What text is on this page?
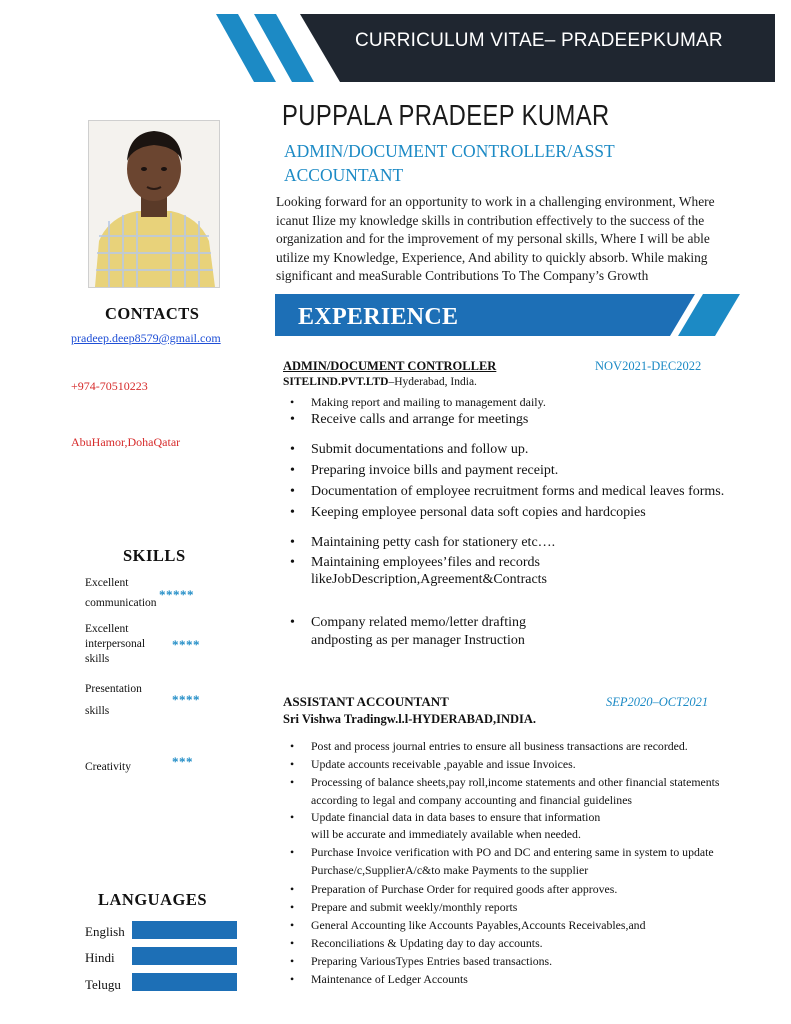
CURRICULUM VITAE– PRADEEPKUMAR
PUPPALA PRADEEP KUMAR
ADMIN/DOCUMENT CONTROLLER/ASST ACCOUNTANT
Looking forward for an opportunity to work in a challenging environment, Where icanut Ilize my knowledge skills in contribution effectively to the success of the organization and for the improvement of my personal skills, Where I will be able utilize my Knowledge, Experience, And ability to quickly absorb. While making significant and meaSurable Contributions To The Company’s Growth
CONTACTS
pradeep.deep8579@gmail.com
+974-70510223
AbuHamor,DohaQatar
SKILLS
Excellent communication
*****
Excellent interpersonal skills
****
Presentation skills
****
Creativity	***
LANGUAGES
English
Hindi
Telugu
EXPERIENCE
ADMIN/DOCUMENT CONTROLLER	NOV2021-DEC2022
SITELIND.PVT.LTD–Hyderabad, India.
• Making report and mailing to management daily.
• Receive calls and arrange for meetings
• Submit documentations and follow up.
• Preparing invoice bills and payment receipt.
• Documentation of employee recruitment forms and medical leaves forms.
• Keeping employee personal data soft copies and hardcopies
• Maintaining petty cash for stationery etc….
• Maintaining employees’files and records likeJobDescription,Agreement&Contracts
• Company related memo/letter drafting andposting as per manager Instruction
ASSISTANT ACCOUNTANT	SEP2020–OCT2021
Sri Vishwa Tradingw.l.l-HYDERABAD,INDIA.
• Post and process journal entries to ensure all business transactions are recorded.
• Update accounts receivable ,payable and issue Invoices.
• Processing of balance sheets,pay roll,income statements and other financial statements according to legal and company accounting and financial guidelines
• Update financial data in data bases to ensure that information will be accurate and immediately available when needed.
• Purchase Invoice verification with PO and DC and entering same in system to update Purchase/c,SupplierA/c&to make Payments to the supplier
• Preparation of Purchase Order for required goods after approves.
• Prepare and submit weekly/monthly reports
• General Accounting like Accounts Payables,Accounts Receivables,and
• Reconciliations & Updating day to day accounts.
• Preparing VariousTypes Entries based transactions.
• Maintenance of Ledger Accounts
